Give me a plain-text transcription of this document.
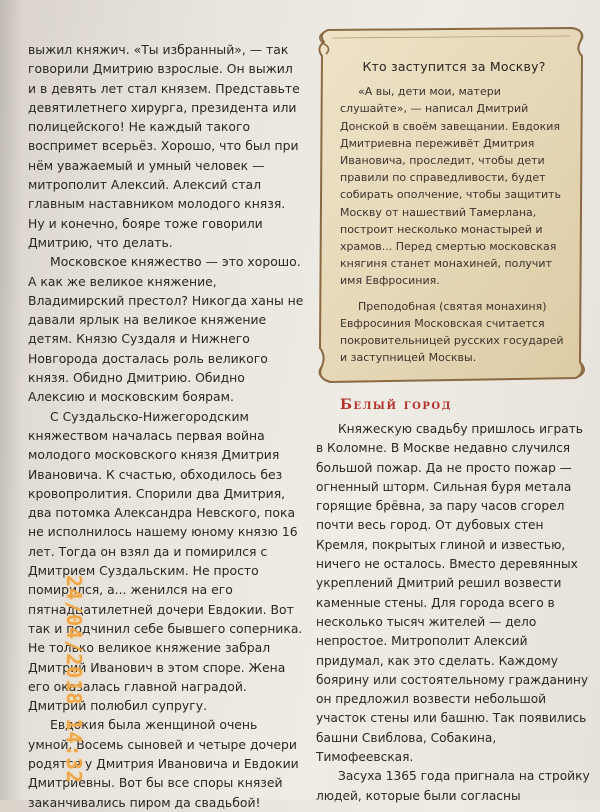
выжил княжич. «Ты избранный», — так говорили Дмитрию взрослые. Он выжил и в девять лет стал князем. Представьте девятилетнего хирурга, президента или полицейского! Не каждый такого воспримет всерьёз. Хорошо, что был при нём уважаемый и умный человек — митрополит Алексий. Алексий стал главным наставником молодого князя. Ну и конечно, бояре тоже говорили Дмитрию, что делать.

Московское княжество — это хорошо. А как же великое княжение, Владимирский престол? Никогда ханы не давали ярлык на великое княжение детям. Князю Суздаля и Нижнего Новгорода досталась роль великого князя. Обидно Дмитрию. Обидно Алексию и московским боярам.

С Суздальско-Нижегородским княжеством началась первая война молодого московского князя Дмитрия Ивановича. К счастью, обходилось без кровопролития. Спорили два Дмитрия, два потомка Александра Невского, пока не исполнилось нашему юному князю 16 лет. Тогда он взял да и помирился с Дмитрием Суздальским. Не просто помирился, а... женился на его пятнадцатилетней дочери Евдокии. Вот так и подчинил себе бывшего соперника. Не только великое княжение забрал Дмитрий Иванович в этом споре. Жена его оказалась главной наградой. Дмитрий полюбил супругу.

Евдокия была женщиной очень умной. Восемь сыновей и четыре дочери родятся у Дмитрия Ивановича и Евдокии Дмитриевны. Вот бы все споры князей заканчивались пиром да свадьбой!

Кто заступится за Москву?

«А вы, дети мои, матери слушайте», — написал Дмитрий Донской в своём завещании. Евдокия Дмитриевна переживёт Дмитрия Ивановича, проследит, чтобы дети правили по справедливости, будет собирать ополчение, чтобы защитить Москву от нашествий Тамерлана, построит несколько монастырей и храмов... Перед смертью московская княгиня станет монахиней, получит имя Евфросиния.

Преподобная (святая монахиня) Евфросиния Московская считается покровительницей русских государей и заступницей Москвы.

Белый город

Княжескую свадьбу пришлось играть в Коломне. В Москве недавно случился большой пожар. Да не просто пожар — огненный шторм. Сильная буря метала горящие брёвна, за пару часов сгорел почти весь город. От дубовых стен Кремля, покрытых глиной и известью, ничего не осталось. Вместо деревянных укреплений Дмитрий решил возвести каменные стены. Для города всего в несколько тысяч жителей — дело непростое. Митрополит Алексий придумал, как это сделать. Каждому боярину или состоятельному гражданину он предложил возвести небольшой участок стены или башню. Так появились башни Свиблова, Собакина, Тимофеевская.

Засуха 1365 года пригнала на стройку людей, которые были согласны

24/04/2018 14:32
